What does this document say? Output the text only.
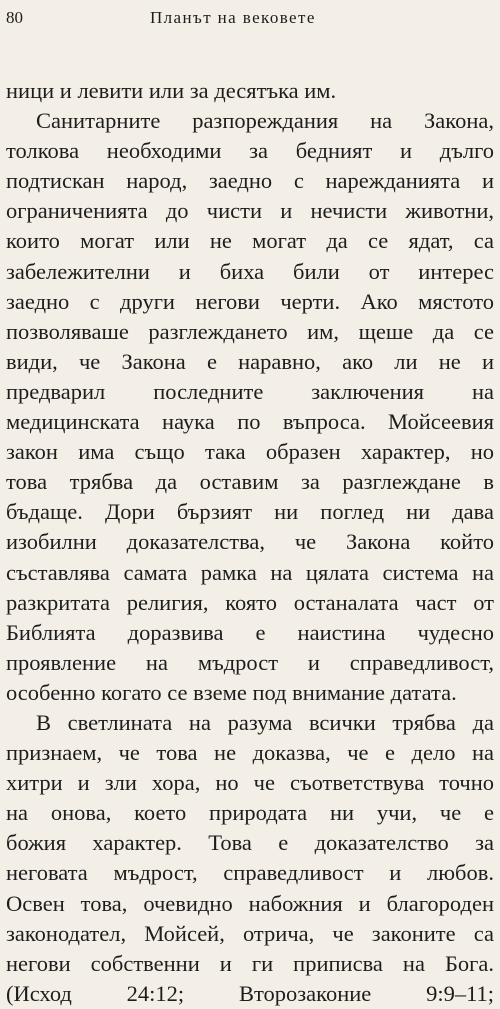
80	Планът на вековете
ници и левити или за десятъка им.
Санитарните разпореждания на Закона,
толкова необходими за бедният и дълго
подтискан народ, заедно с нарежданията и
ограниченията до чисти и нечисти животни,
които могат или не могат да се ядат, са
забележителни и биха били от интерес
заедно с други негови черти. Ако мястото
позволяваше разглеждането им, щеше да се
види, че Закона е наравно, ако ли не и
предварил последните заключения на
медицинската наука по въпроса. Мойсеевия
закон има също така образен характер, но
това трябва да оставим за разглеждане в
бъдаще. Дори бързият ни поглед ни дава
изобилни доказателства, че Закона който
съставлява самата рамка на цялата система на
разкритата религия, която останалата част от
Библията доразвива е наистина чудесно
проявление на мъдрост и справедливост,
особенно когато се вземе под внимание датата.
В светлината на разума всички трябва да
признаем, че това не доказва, че е дело на
хитри и зли хора, но че съответствува точно
на онова, което природата ни учи, че е
божия характер. Това е доказателство за
неговата мъдрост, справедливост и любов.
Освен това, очевидно набожния и благороден
законодател, Мойсей, отрича, че законите са
негови собственни и ги приписва на Бога.
(Исход 24:12; Второзаконие 9:9–11;
